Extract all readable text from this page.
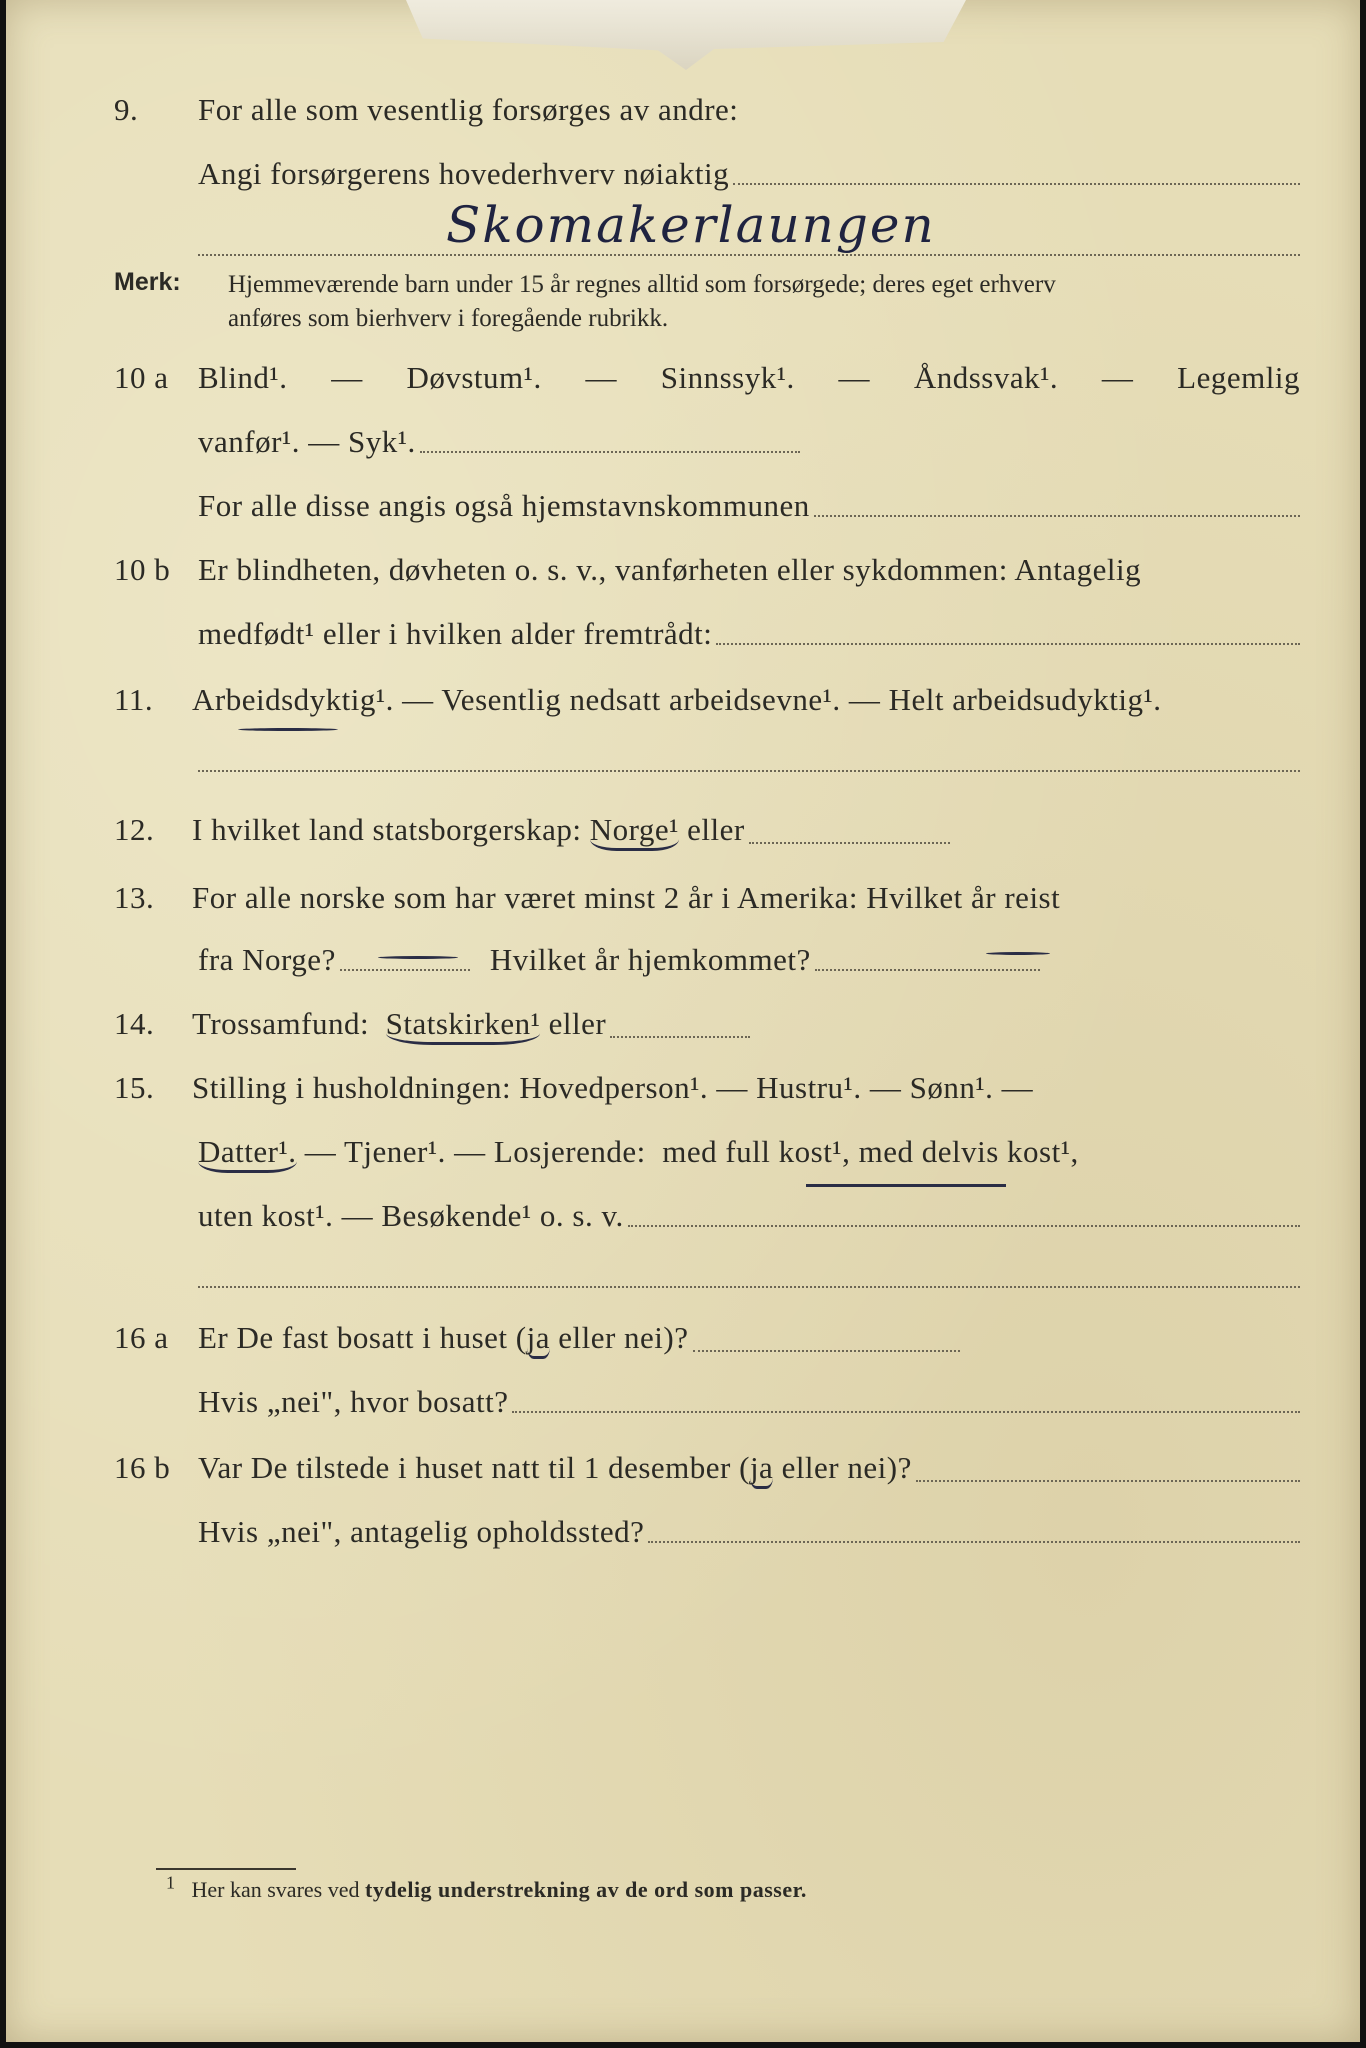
9.	For alle som vesentlig forsørges av andre:
Angi forsørgerens hovederhverv nøiaktig
Skomakerlaungen
Merk: Hjemmeværende barn under 15 år regnes alltid som forsørgede; deres eget erhverv
anføres som bierhverv i foregående rubrikk.
10 a Blind¹. — Døvstum¹. — Sinnssyk¹. — Åndssvak¹. — Legemlig
vanfør¹. — Syk¹.
For alle disse angis også hjemstavnskommunen
10 b Er blindheten, døvheten o. s. v., vanførheten eller sykdommen: Antagelig
medfødt¹ eller i hvilken alder fremtrådt:
11.	Arbeidsdyktig¹. — Vesentlig nedsatt arbeidsevne¹. — Helt arbeidsudyktig¹.
12.	I hvilket land statsborgerskap:
Norge¹
eller
13.	For alle norske som har været minst 2 år i Amerika: Hvilket år reist
fra Norge?	Hvilket år hjemkommet?
14.	Trossamfund:
Statskirken¹
eller
15.	Stilling i husholdningen: Hovedperson¹. — Hustru¹. — Sønn¹. —
Datter¹.
— Tjener¹. — Losjerende:
med full kost¹, med delvis kost¹,
uten kost¹. — Besøkende¹ o. s. v.
16 a Er De fast bosatt i huset ( ja
eller nei)?
Hvis „nei", hvor bosatt?
16 b Var De tilstede i huset natt til 1 desember ( ja
eller nei)?
Hvis „nei", antagelig opholdssted?
$^1$ Her kan svares ved tydelig understrekning av de ord som passer.
